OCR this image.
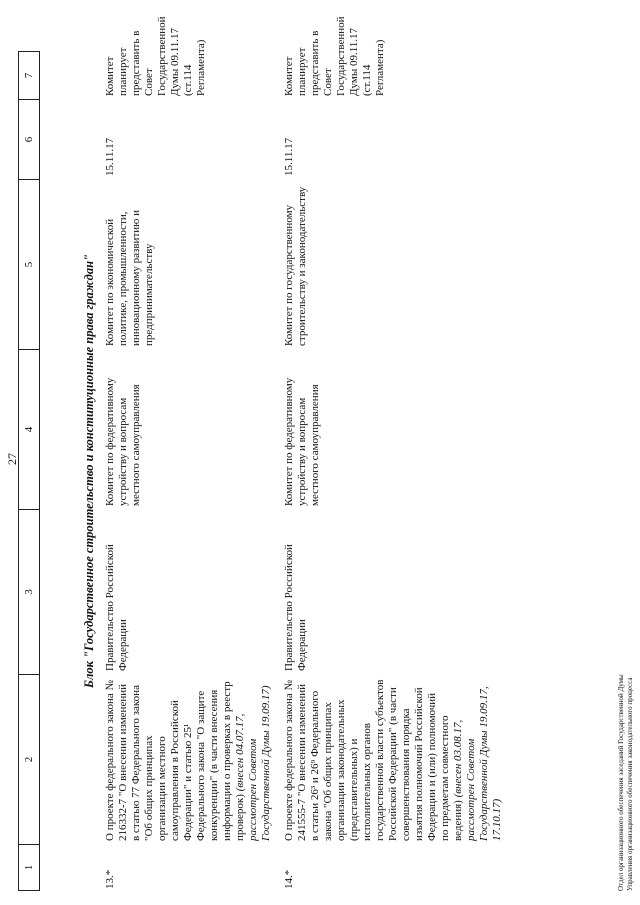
27
1
2
3
4
5
6
7
Блок "Государственное строительство и конституционные права граждан"
13.*
О проекте федерального закона № 216332-7 "О внесении изменений в статью 77 Федерального закона "Об общих принципах организации местного самоуправления в Российской Федерации" и статью 25¹ Федерального закона "О защите конкуренции" (в части внесения информации о проверках в реестр проверок) (внесен 04.07.17, рассмотрен Советом Государственной Думы 19.09.17)
Правительство Российской Федерации
Комитет по федеративному устройству и вопросам местного самоуправления
Комитет по экономической политике, промышленности, инновационному развитию и предпринимательству
15.11.17
Комитет планирует представить в Совет Государственной Думы 09.11.17 (ст.114 Регламента)
14.*
О проекте федерального закона № 241555-7 "О внесении изменений в статьи 26³ и 26⁹ Федерального закона "Об общих принципах организации законодательных (представительных) и исполнительных органов государственной власти субъектов Российской Федерации" (в части совершенствования порядка изъятия полномочий Российской Федерации и (или) полномочий по предметам совместного ведения) (внесен 03.08.17, рассмотрен Советом Государственной Думы 19.09.17, 17.10.17)
Правительство Российской Федерации
Комитет по федеративному устройству и вопросам местного самоуправления
Комитет по государственному строительству и законодательству
15.11.17
Комитет планирует представить в Совет Государственной Думы 09.11.17 (ст.114 Регламента)
Отдел организационного обеспечения заседаний Государственной Думы Управления организационного обеспечения законодательного процесса
